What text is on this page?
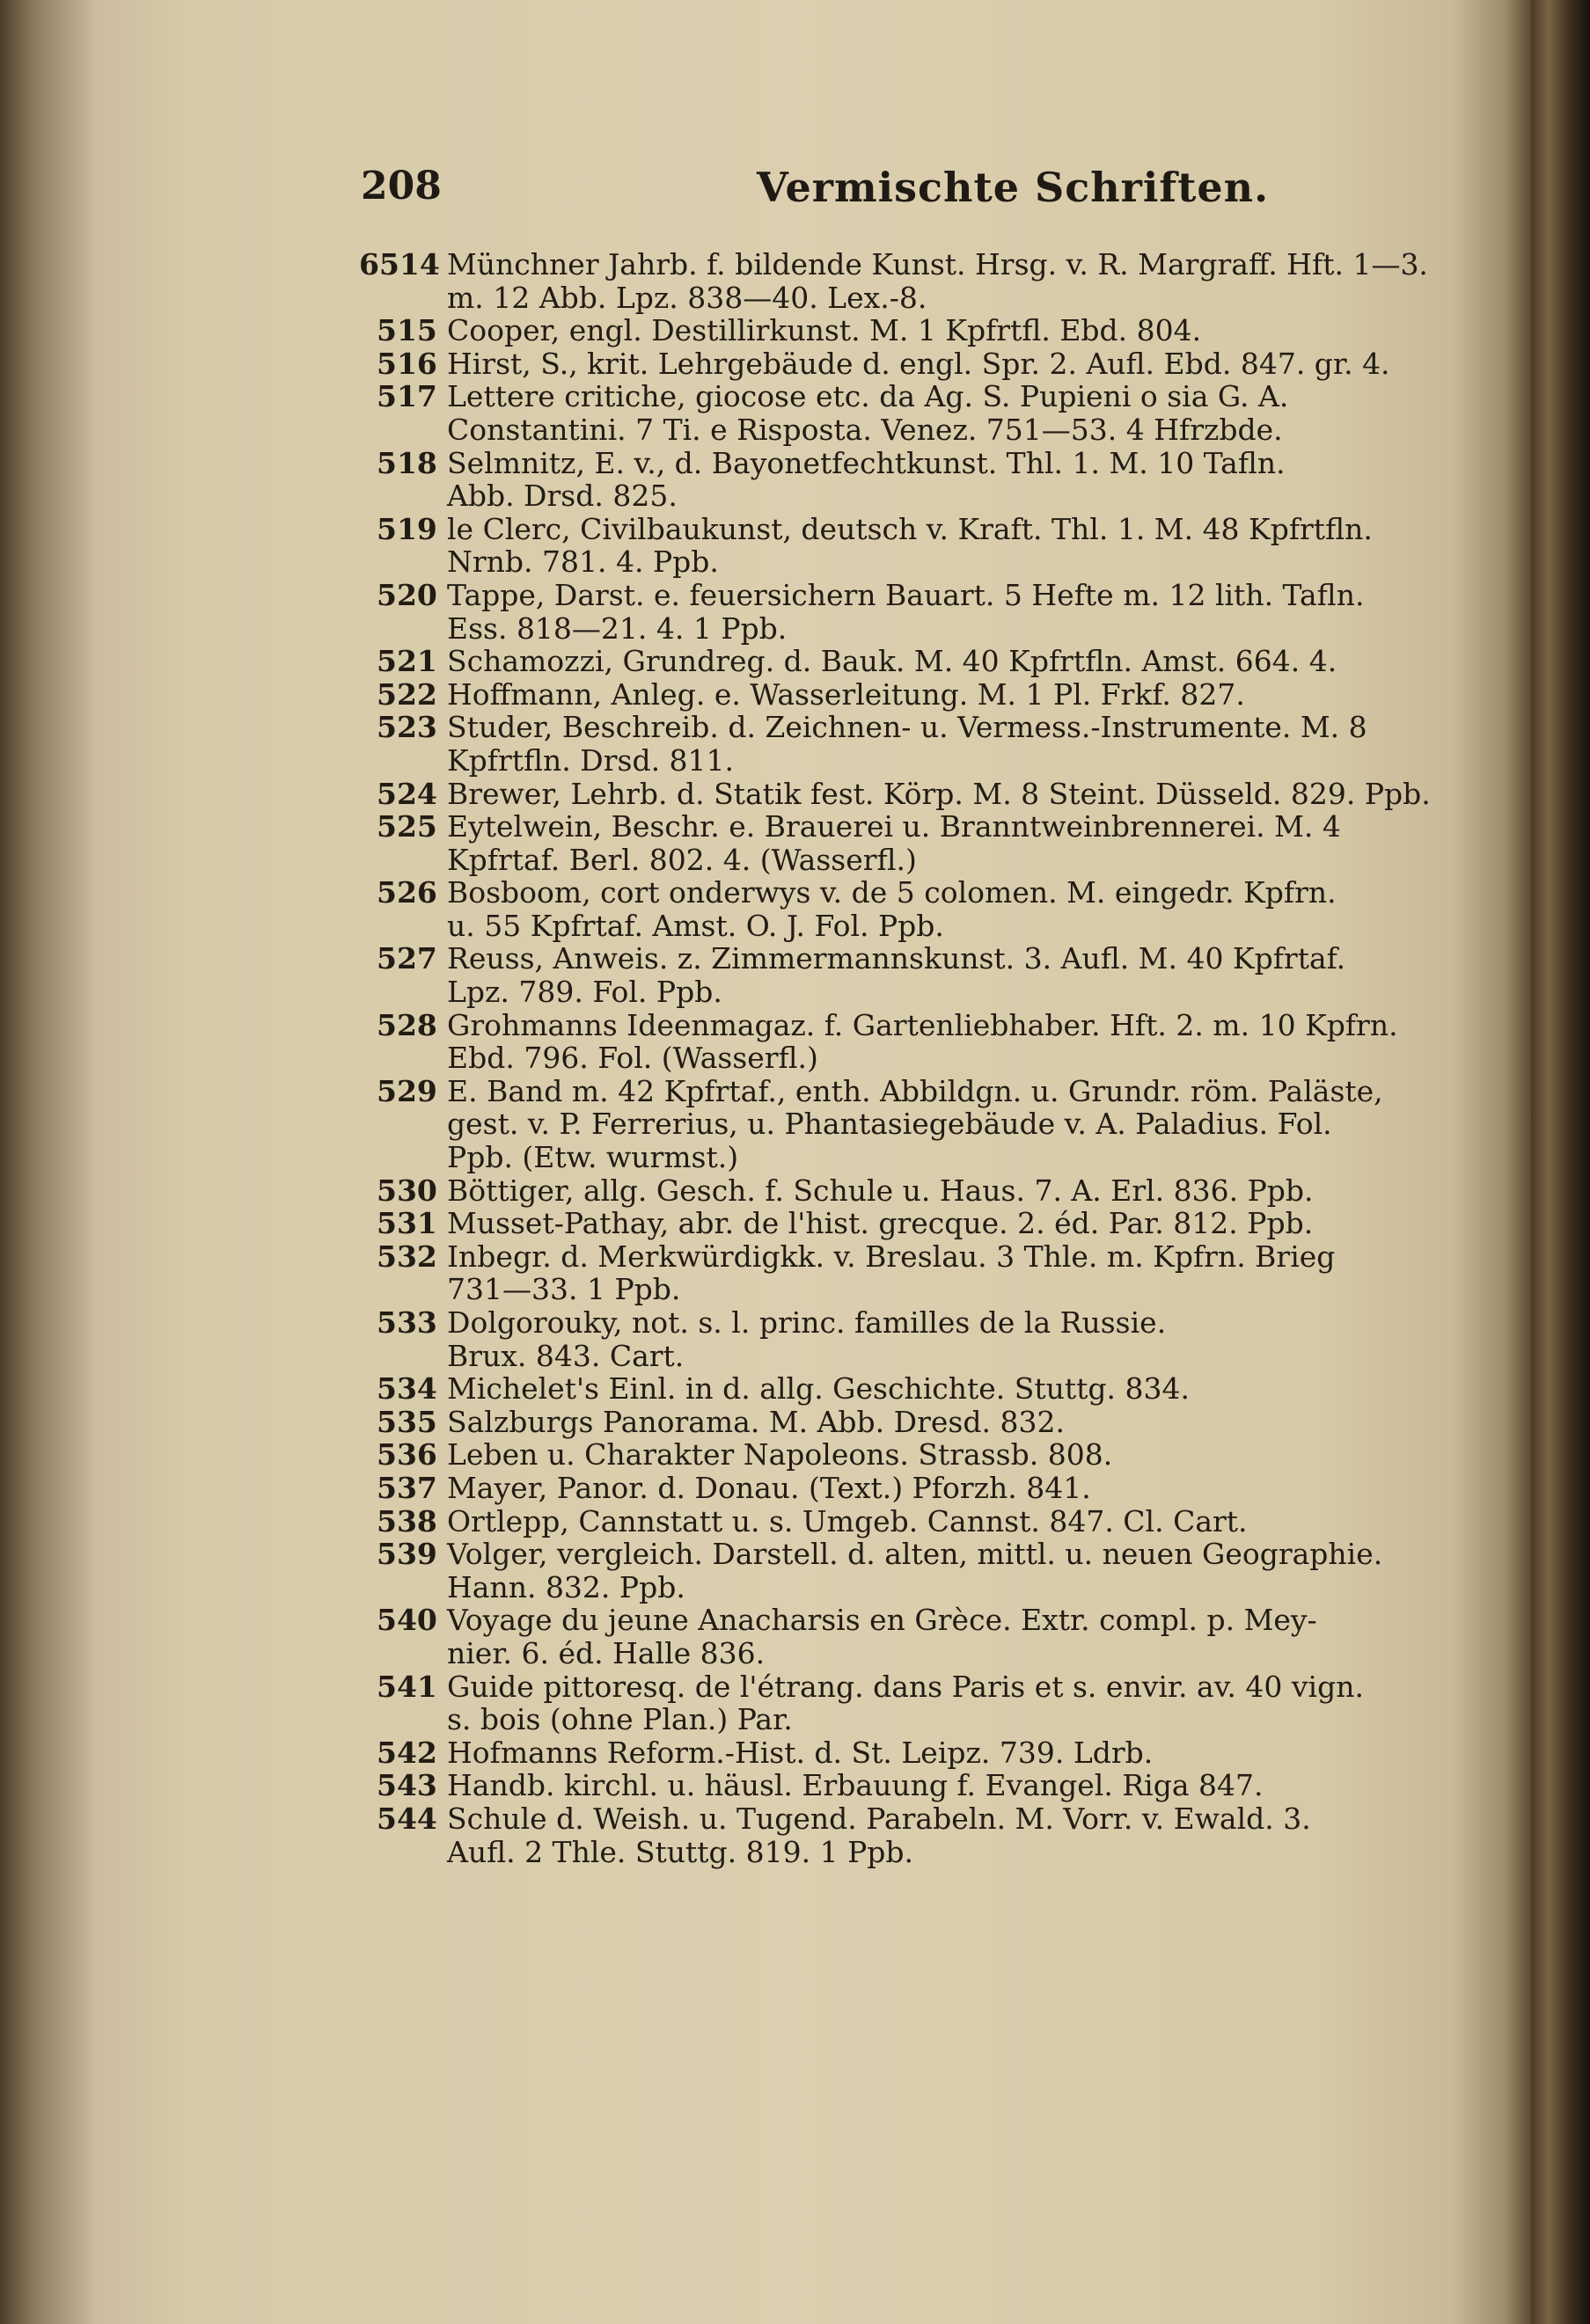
208	Vermischte Schriften.
6514 Münchner Jahrb. f. bildende Kunst. Hrsg. v. R. Margraff. Hft. 1—3.
m. 12 Abb. Lpz. 838—40. Lex.-8.
515 Cooper, engl. Destillirkunst. M. 1 Kpfrtfl. Ebd. 804.
516 Hirst, S., krit. Lehrgebäude d. engl. Spr. 2. Aufl. Ebd. 847. gr. 4.
517 Lettere critiche, giocose etc. da Ag. S. Pupieni o sia G. A.
Constantini. 7 Ti. e Risposta. Venez. 751—53. 4 Hfrzbde.
518 Selmnitz, E. v., d. Bayonetfechtkunst. Thl. 1. M. 10 Tafln.
Abb. Drsd. 825.
519 le Clerc, Civilbaukunst, deutsch v. Kraft. Thl. 1. M. 48 Kpfrtfln.
Nrnb. 781. 4. Ppb.
520 Tappe, Darst. e. feuersichern Bauart. 5 Hefte m. 12 lith. Tafln.
Ess. 818—21. 4. 1 Ppb.
521 Schamozzi, Grundreg. d. Bauk. M. 40 Kpfrtfln. Amst. 664. 4.
522 Hoffmann, Anleg. e. Wasserleitung. M. 1 Pl. Frkf. 827.
523 Studer, Beschreib. d. Zeichnen- u. Vermess.-Instrumente. M. 8
Kpfrtfln. Drsd. 811.
524 Brewer, Lehrb. d. Statik fest. Körp. M. 8 Steint. Düsseld. 829. Ppb.
525 Eytelwein, Beschr. e. Brauerei u. Branntweinbrennerei. M. 4
Kpfrtaf. Berl. 802. 4. (Wasserfl.)
526 Bosboom, cort onderwys v. de 5 colomen. M. eingedr. Kpfrn.
u. 55 Kpfrtaf. Amst. O. J. Fol. Ppb.
527 Reuss, Anweis. z. Zimmermannskunst. 3. Aufl. M. 40 Kpfrtaf.
Lpz. 789. Fol. Ppb.
528 Grohmanns Ideenmagaz. f. Gartenliebhaber. Hft. 2. m. 10 Kpfrn.
Ebd. 796. Fol. (Wasserfl.)
529 E. Band m. 42 Kpfrtaf., enth. Abbildgn. u. Grundr. röm. Paläste,
gest. v. P. Ferrerius, u. Phantasiegebäude v. A. Paladius. Fol.
Ppb. (Etw. wurmst.)
530 Böttiger, allg. Gesch. f. Schule u. Haus. 7. A. Erl. 836. Ppb.
531 Musset-Pathay, abr. de l'hist. grecque. 2. éd. Par. 812. Ppb.
532 Inbegr. d. Merkwürdigkk. v. Breslau. 3 Thle. m. Kpfrn. Brieg
731—33. 1 Ppb.
533 Dolgorouky, not. s. l. princ. familles de la Russie.
Brux. 843. Cart.
534 Michelet's Einl. in d. allg. Geschichte. Stuttg. 834.
535 Salzburgs Panorama. M. Abb. Dresd. 832.
536 Leben u. Charakter Napoleons. Strassb. 808.
537 Mayer, Panor. d. Donau. (Text.) Pforzh. 841.
538 Ortlepp, Cannstatt u. s. Umgeb. Cannst. 847. Cl. Cart.
539 Volger, vergleich. Darstell. d. alten, mittl. u. neuen Geographie.
Hann. 832. Ppb.
540 Voyage du jeune Anacharsis en Grèce. Extr. compl. p. Mey-
nier. 6. éd. Halle 836.
541 Guide pittoresq. de l'étrang. dans Paris et s. envir. av. 40 vign.
s. bois (ohne Plan.) Par.
542 Hofmanns Reform.-Hist. d. St. Leipz. 739. Ldrb.
543 Handb. kirchl. u. häusl. Erbauung f. Evangel. Riga 847.
544 Schule d. Weish. u. Tugend. Parabeln. M. Vorr. v. Ewald. 3.
Aufl. 2 Thle. Stuttg. 819. 1 Ppb.
